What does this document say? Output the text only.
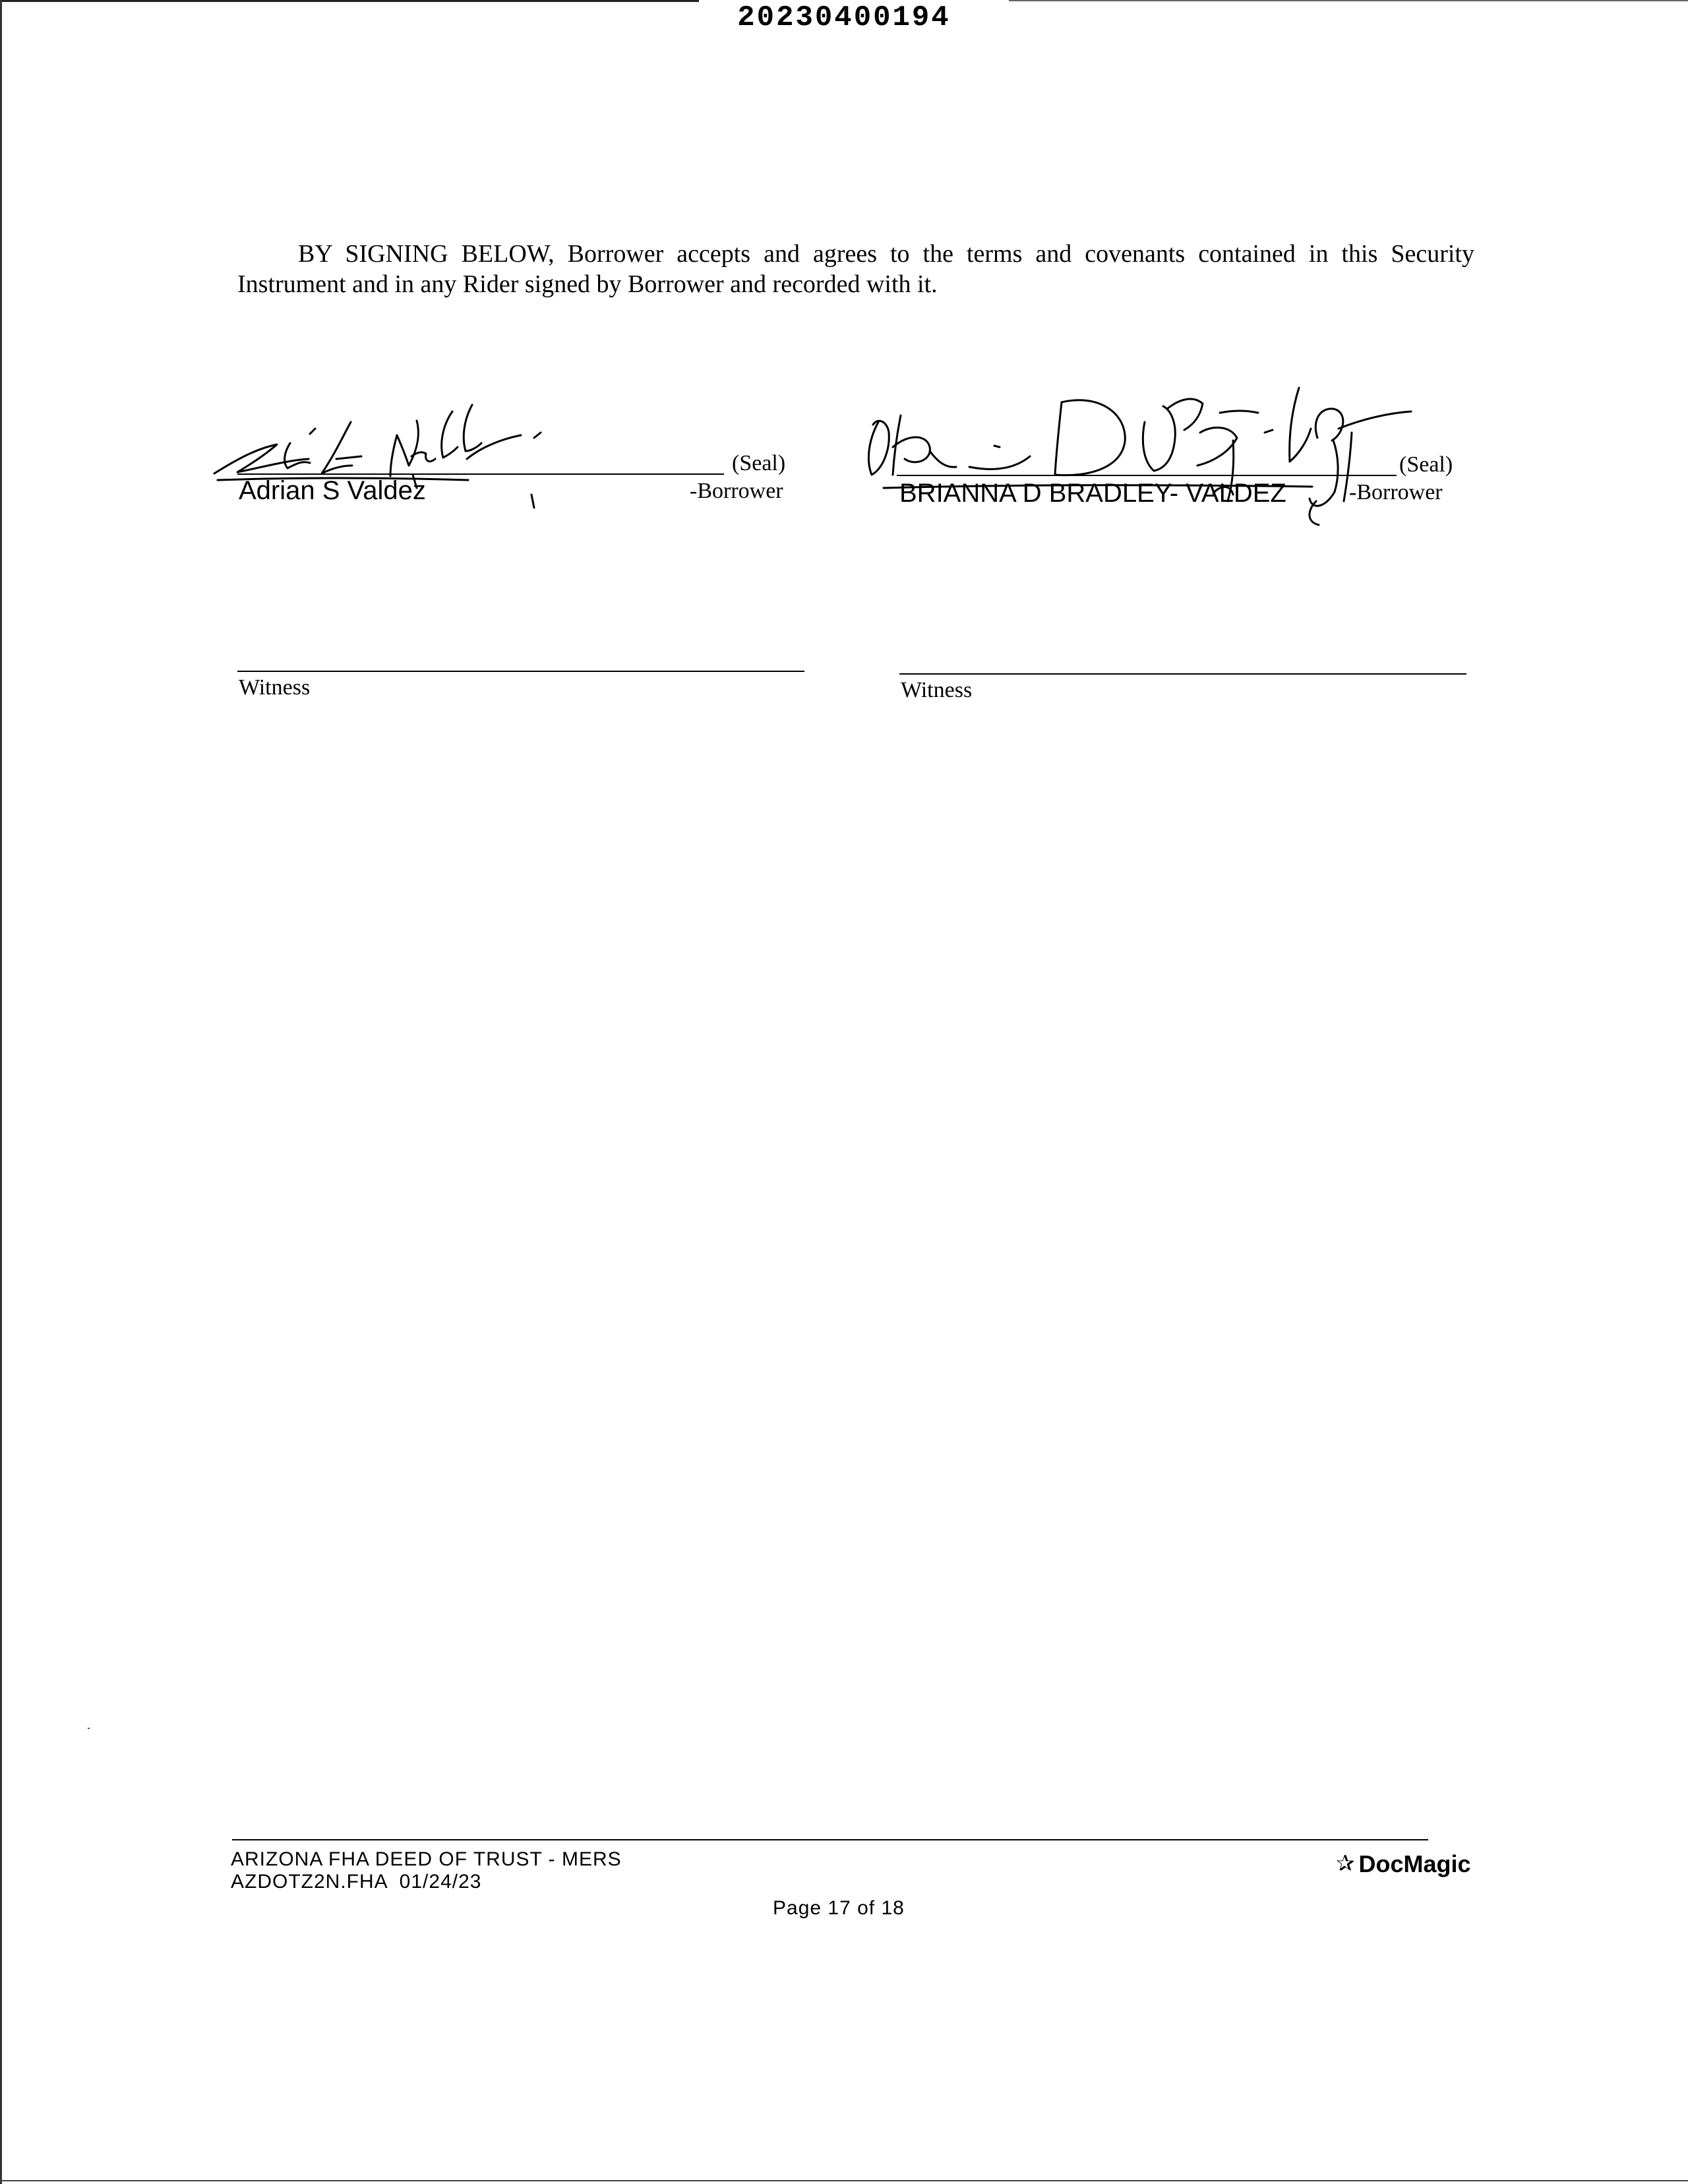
20230400194
BY SIGNING BELOW, Borrower accepts and agrees to the terms and covenants contained in this Security Instrument and in any Rider signed by Borrower and recorded with it.
(Seal)
Adrian S Valdez	-Borrower
(Seal)
BRIANNA D BRADLEY- VALDEZ	-Borrower
Witness	Witness
ARIZONA FHA DEED OF TRUST - MERS
AZDOTZ2N.FHA  01/24/23
Page 17 of 18
✰ DocMagic
